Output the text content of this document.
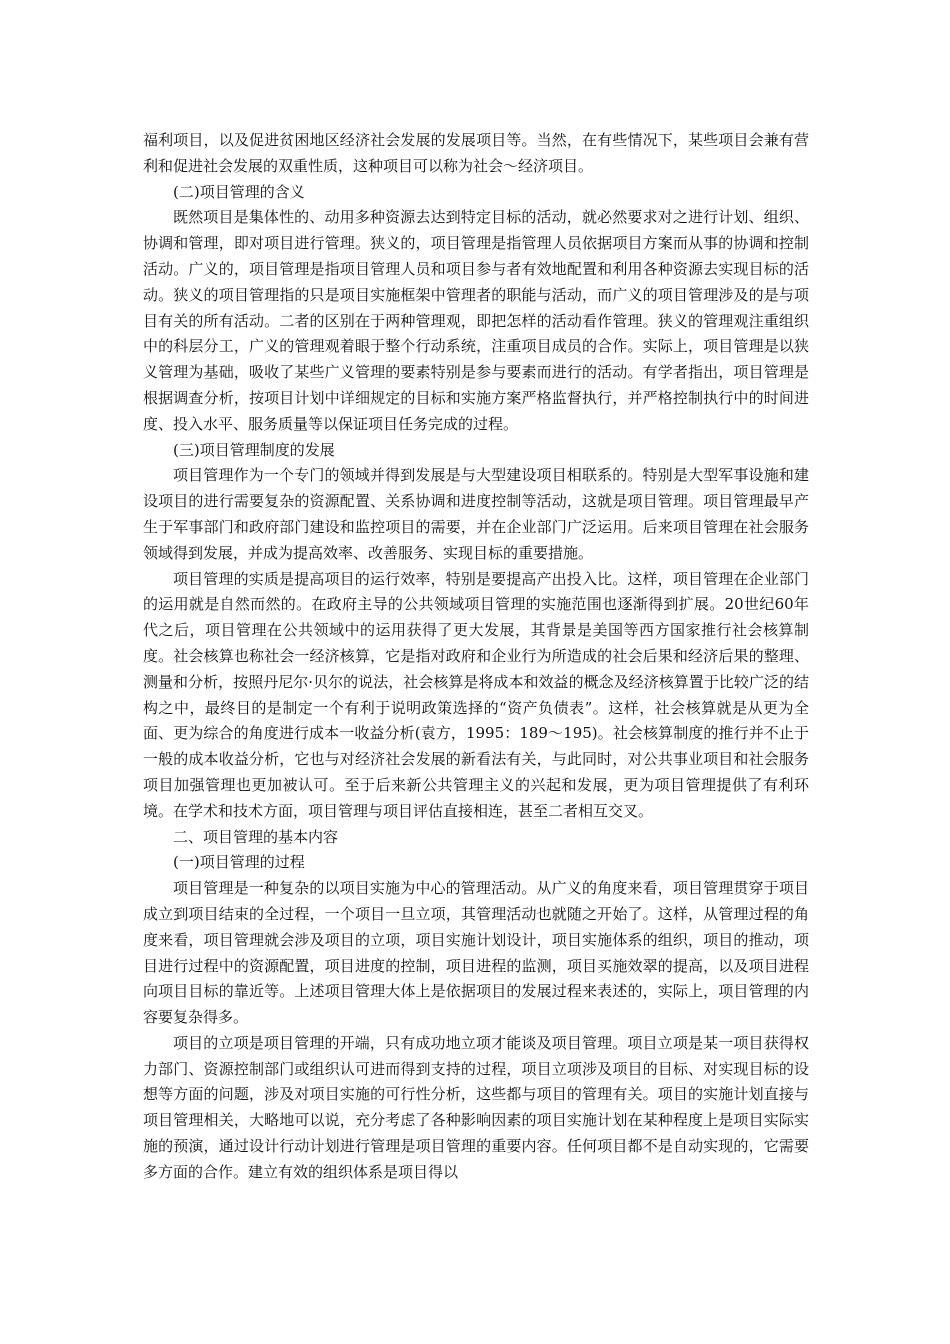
福利项目，以及促进贫困地区经济社会发展的发展项目等。当然，在有些情况下，某些项目会兼有营利和促进社会发展的双重性质，这种项目可以称为社会～经济项目。

(二)项目管理的含义

既然项目是集体性的、动用多种资源去达到特定目标的活动，就必然要求对之进行计划、组织、协调和管理，即对项目进行管理。狭义的，项目管理是指管理人员依据项目方案而从事的协调和控制活动。广义的，项目管理是指项目管理人员和项目参与者有效地配置和利用各种资源去实现目标的活动。狭义的项目管理指的只是项目实施框架中管理者的职能与活动，而广义的项目管理涉及的是与项目有关的所有活动。二者的区别在于两种管理观，即把怎样的活动看作管理。狭义的管理观注重组织中的科层分工，广义的管理观着眼于整个行动系统，注重项目成员的合作。实际上，项目管理是以狭义管理为基础，吸收了某些广义管理的要素特别是参与要素而进行的活动。有学者指出，项目管理是根据调查分析，按项目计划中详细规定的目标和实施方案严格监督执行，并严格控制执行中的时间进度、投入水平、服务质量等以保证项目任务完成的过程。

(三)项目管理制度的发展

项目管理作为一个专门的领域并得到发展是与大型建设项目相联系的。特别是大型军事设施和建设项目的进行需要复杂的资源配置、关系协调和进度控制等活动，这就是项目管理。项目管理最早产生于军事部门和政府部门建设和监控项目的需要，并在企业部门广泛运用。后来项目管理在社会服务领域得到发展，并成为提高效率、改善服务、实现目标的重要措施。

项目管理的实质是提高项目的运行效率，特别是要提高产出投入比。这样，项目管理在企业部门的运用就是自然而然的。在政府主导的公共领域项目管理的实施范围也逐渐得到扩展。20世纪60年代之后，项目管理在公共领域中的运用获得了更大发展，其背景是美国等西方国家推行社会核算制度。社会核算也称社会一经济核算，它是指对政府和企业行为所造成的社会后果和经济后果的整理、测量和分析，按照丹尼尔·贝尔的说法，社会核算是将成本和效益的概念及经济核算置于比较广泛的结构之中，最终目的是制定一个有利于说明政策选择的“资产负债表”。这样，社会核算就是从更为全面、更为综合的角度进行成本一收益分析(袁方，1995：189～195)。社会核算制度的推行并不止于一般的成本收益分析，它也与对经济社会发展的新看法有关，与此同时，对公共事业项目和社会服务项目加强管理也更加被认可。至于后来新公共管理主义的兴起和发展，更为项目管理提供了有利环境。在学术和技术方面，项目管理与项目评估直接相连，甚至二者相互交叉。

二、项目管理的基本内容

(一)项目管理的过程

项目管理是一种复杂的以项目实施为中心的管理活动。从广义的角度来看，项目管理贯穿于项目成立到项目结束的全过程，一个项目一旦立项，其管理活动也就随之开始了。这样，从管理过程的角度来看，项目管理就会涉及项目的立项，项目实施计划设计，项目实施体系的组织，项目的推动，项目进行过程中的资源配置，项目进度的控制，项目进程的监测，项目买施效翠的提高，以及项目进程向项目目标的靠近等。上述项目管理大体上是依据项目的发展过程来表述的，实际上，项目管理的内容要复杂得多。

项目的立项是项目管理的开端，只有成功地立项才能谈及项目管理。项目立项是某一项目获得权力部门、资源控制部门或组织认可进而得到支持的过程，项目立项涉及项目的目标、对实现目标的设想等方面的问题，涉及对项目实施的可行性分析，这些都与项目的管理有关。项目的实施计划直接与项目管理相关，大略地可以说，充分考虑了各种影响因素的项目实施计划在某种程度上是项目实际实施的预演，通过设计行动计划进行管理是项目管理的重要内容。任何项目都不是自动实现的，它需要多方面的合作。建立有效的组织体系是项目得以
